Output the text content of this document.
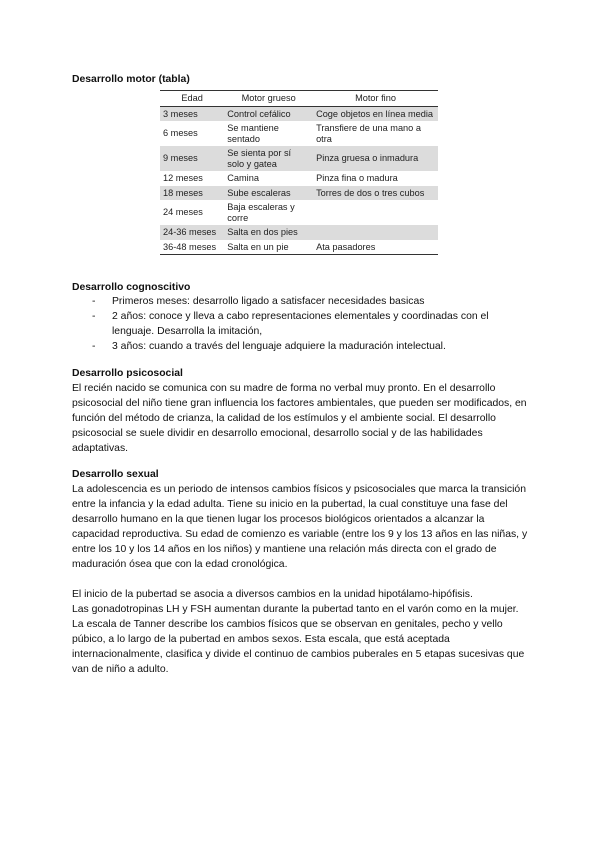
Desarrollo motor (tabla)
Edad	Motor grueso	Motor fino
3 meses	Control cefálico	Coge objetos en línea media
6 meses	Se mantiene sentado	Transfiere de una mano a otra
9 meses	Se sienta por sí solo y gatea	Pinza gruesa o inmadura
12 meses	Camina	Pinza fina o madura
18 meses	Sube escaleras	Torres de dos o tres cubos
24 meses	Baja escaleras y corre	
24-36 meses	Salta en dos pies	
36-48 meses	Salta en un pie	Ata pasadores
Desarrollo cognoscitivo
- Primeros meses: desarrollo ligado a satisfacer necesidades basicas
- 2 años: conoce y lleva a cabo representaciones elementales y coordinadas con el lenguaje. Desarrolla la imitación,
- 3 años: cuando a través del lenguaje adquiere la maduración intelectual.
Desarrollo psicosocial

El recién nacido se comunica con su madre de forma no verbal muy pronto. En el desarrollo psicosocial del niño tiene gran influencia los factores ambientales, que pueden ser modificados, en función del método de crianza, la calidad de los estímulos y el ambiente social. El desarrollo psicosocial se suele dividir en desarrollo emocional, desarrollo social y de las habilidades adaptativas.

Desarrollo sexual

La adolescencia es un periodo de intensos cambios físicos y psicosociales que marca la transición entre la infancia y la edad adulta. Tiene su inicio en la pubertad, la cual constituye una fase del desarrollo humano en la que tienen lugar los procesos biológicos orientados a alcanzar la capacidad reproductiva. Su edad de comienzo es variable (entre los 9 y los 13 años en las niñas, y entre los 10 y los 14 años en los niños) y mantiene una relación más directa con el grado de maduración ósea que con la edad cronológica.

El inicio de la pubertad se asocia a diversos cambios en la unidad hipotálamo-hipófisis.

Las gonadotropinas LH y FSH aumentan durante la pubertad tanto en el varón como en la mujer.

La escala de Tanner describe los cambios físicos que se observan en genitales, pecho y vello púbico, a lo largo de la pubertad en ambos sexos. Esta escala, que está aceptada internacionalmente, clasifica y divide el continuo de cambios puberales en 5 etapas sucesivas que van de niño a adulto.
